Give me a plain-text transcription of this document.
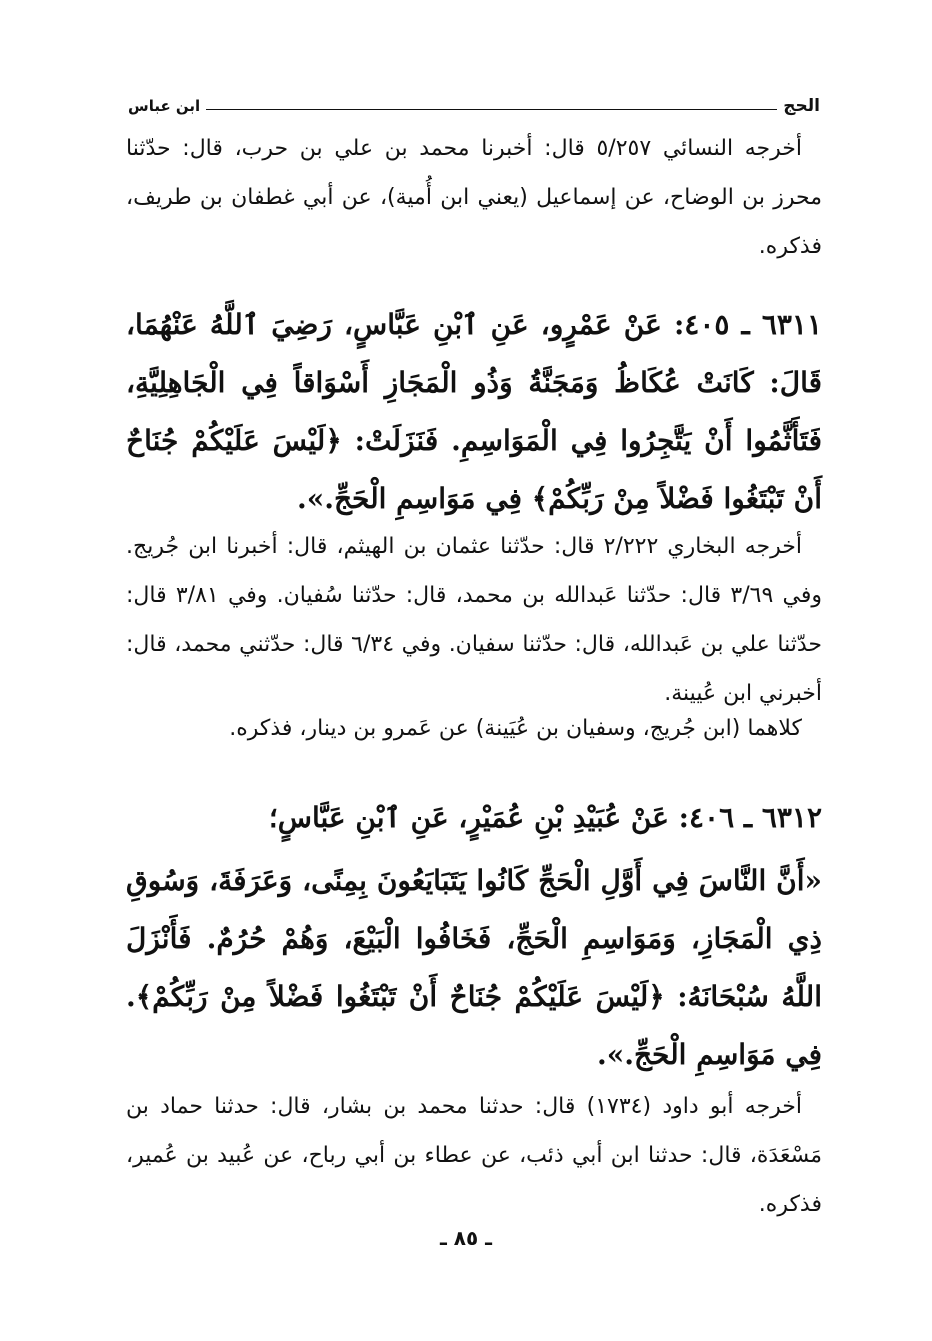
الحج
ابن عباس

أخرجه النسائي ٥/٢٥٧ قال: أخبرنا محمد بن علي بن حرب، قال: حدّثنا محرز بن الوضاح، عن إسماعيل (يعني ابن أُمية)، عن أبي غطفان بن طريف، فذكره.

٦٣١١ ـ ٤٠٥: عَنْ عَمْرٍو، عَنِ ٱبْنِ عَبَّاسٍ، رَضِيَ ٱللَّهُ عَنْهُمَا، قَالَ: كَانَتْ عُكَاظُ وَمَجَنَّةُ وَذُو الْمَجَازِ أَسْوَاقاً فِي الْجَاهِلِيَّةِ، فَتَأَثَّمُوا أَنْ يَتَّجِرُوا فِي الْمَوَاسِمِ. فَنَزَلَتْ: ﴿لَيْسَ عَلَيْكُمْ جُنَاحٌ أَنْ تَبْتَغُوا فَضْلاً مِنْ رَبِّكُمْ﴾ فِي مَوَاسِمِ الْحَجِّ.».

أخرجه البخاري ٢/٢٢٢ قال: حدّثنا عثمان بن الهيثم، قال: أخبرنا ابن جُريج. وفي ٣/٦٩ قال: حدّثنا عَبدالله بن محمد، قال: حدّثنا سُفيان. وفي ٣/٨١ قال: حدّثنا علي بن عَبدالله، قال: حدّثنا سفيان. وفي ٦/٣٤ قال: حدّثني محمد، قال: أخبرني ابن عُيينة.

كلاهما (ابن جُريج، وسفيان بن عُيَينة) عن عَمرو بن دينار، فذكره.

٦٣١٢ ـ ٤٠٦: عَنْ عُبَيْدِ بْنِ عُمَيْرٍ، عَنِ ٱبْنِ عَبَّاسٍ؛

«أَنَّ النَّاسَ فِي أَوَّلِ الْحَجِّ كَانُوا يَتَبَايَعُونَ بِمِنًى، وَعَرَفَةَ، وَسُوقِ ذِي الْمَجَازِ، وَمَوَاسِمِ الْحَجِّ، فَخَافُوا الْبَيْعَ، وَهُمْ حُرُمٌ. فَأَنْزَلَ اللَّهُ سُبْحَانَهُ: ﴿لَيْسَ عَلَيْكُمْ جُنَاحٌ أَنْ تَبْتَغُوا فَضْلاً مِنْ رَبِّكُمْ﴾. فِي مَوَاسِمِ الْحَجِّ.».

أخرجه أبو داود (١٧٣٤) قال: حدثنا محمد بن بشار، قال: حدثنا حماد بن مَسْعَدَة، قال: حدثنا ابن أبي ذئب، عن عطاء بن أبي رباح، عن عُبيد بن عُمير، فذكره.

ـ ٨٥ ـ
